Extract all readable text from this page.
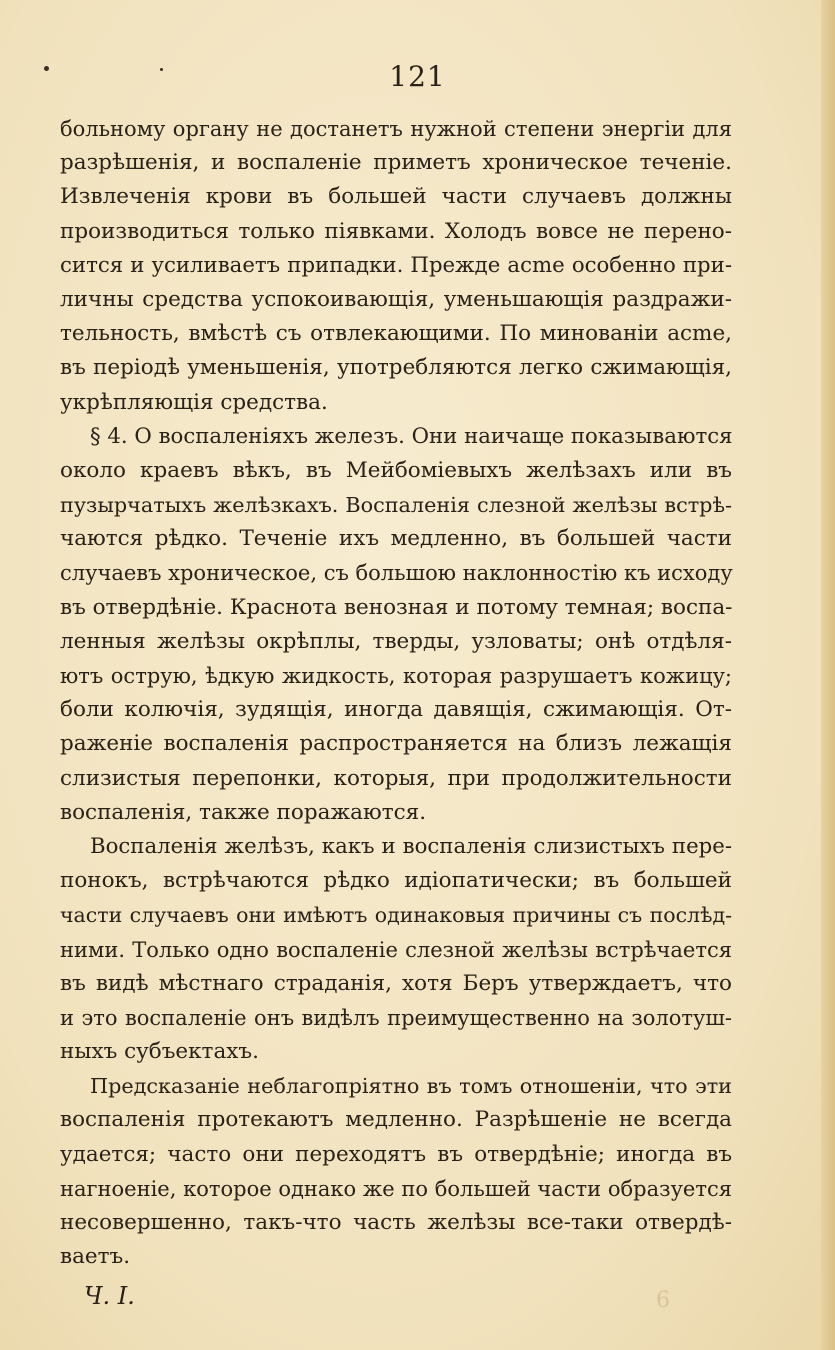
121
больному органу не достанетъ нужной степени энергіи для
разрѣшенія, и воспаленіе приметъ хроническое теченіе.
Извлеченія крови въ большей части случаевъ должны
производиться только піявками. Холодъ вовсе не перено-
сится и усиливаетъ припадки. Прежде acme особенно при-
личны средства успокоивающія, уменьшающія раздражи-
тельность, вмѣстѣ съ отвлекающими. По минованіи acme,
въ періодѣ уменьшенія, употребляются легко сжимающія,
укрѣпляющія средства.
§ 4. О воспаленіяхъ железъ. Они наичаще показываются
около краевъ вѣкъ, въ Мейбоміевыхъ желѣзахъ или въ
пузырчатыхъ желѣзкахъ. Воспаленія слезной желѣзы встрѣ-
чаются рѣдко. Теченіе ихъ медленно, въ большей части
случаевъ хроническое, съ большою наклонностію къ исходу
въ отвердѣніе. Краснота венозная и потому темная; воспа-
ленныя желѣзы окрѣплы, тверды, узловаты; онѣ отдѣля-
ютъ острую, ѣдкую жидкость, которая разрушаетъ кожицу;
боли колючія, зудящія, иногда давящія, сжимающія. От-
раженіе воспаленія распространяется на близъ лежащія
слизистыя перепонки, которыя, при продолжительности
воспаленія, также поражаются.
Воспаленія желѣзъ, какъ и воспаленія слизистыхъ пере-
понокъ, встрѣчаются рѣдко идіопатически; въ большей
части случаевъ они имѣютъ одинаковыя причины съ послѣд-
ними. Только одно воспаленіе слезной желѣзы встрѣчается
въ видѣ мѣстнаго страданія, хотя Беръ утверждаетъ, что
и это воспаленіе онъ видѣлъ преимущественно на золотуш-
ныхъ субъектахъ.
Предсказаніе неблагопріятно въ томъ отношеніи, что эти
воспаленія протекаютъ медленно. Разрѣшеніе не всегда
удается; часто они переходятъ въ отвердѣніе; иногда въ
нагноеніе, которое однако же по большей части образуется
несовершенно, такъ-что часть желѣзы все-таки отвердѣ-
ваетъ.
Ч. I.	6
